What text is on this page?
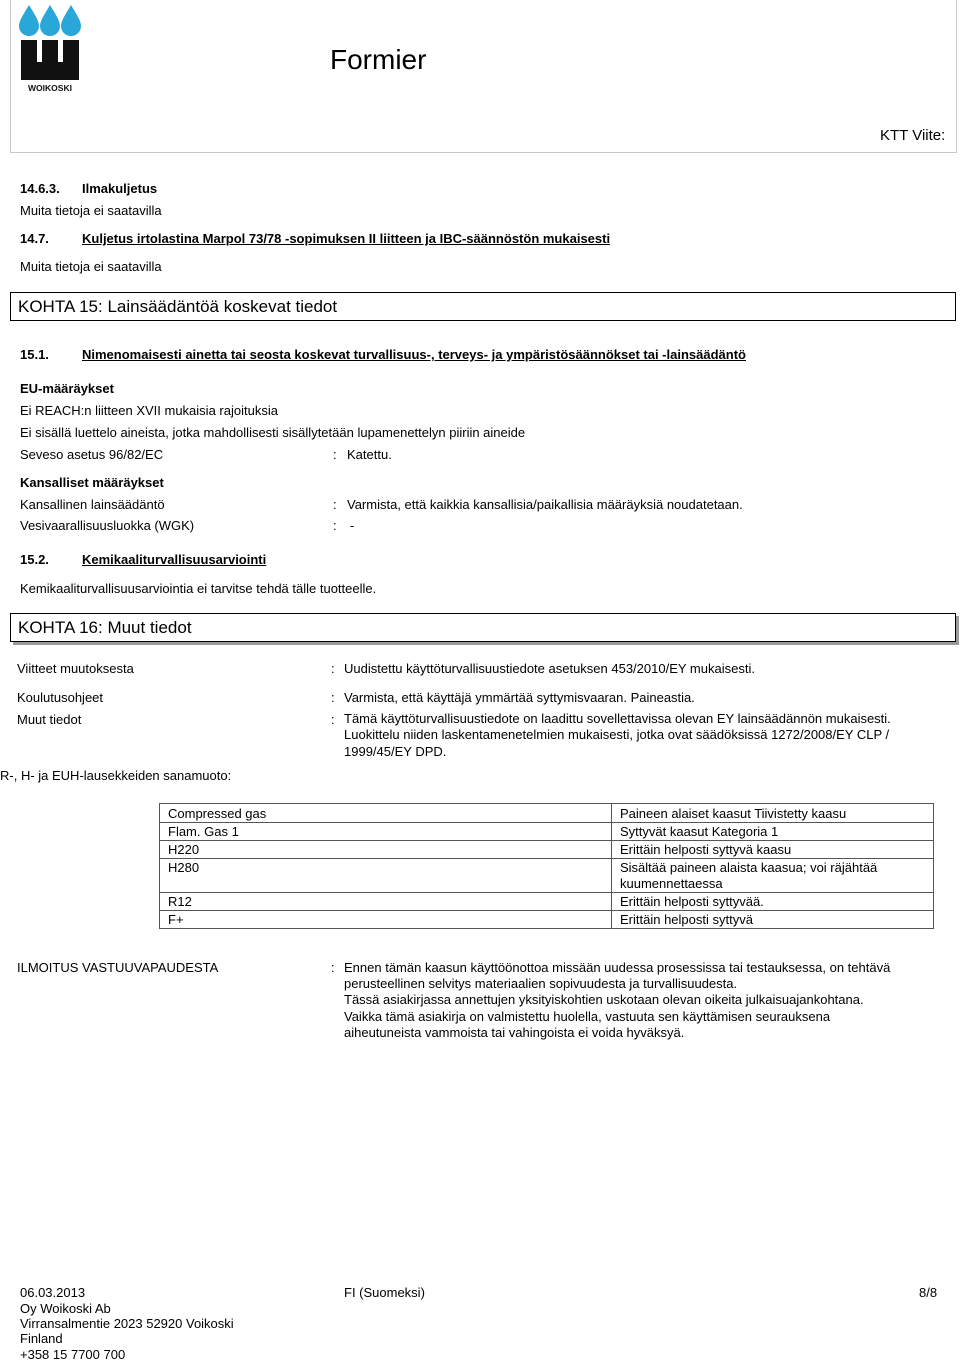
WOIKOSKI
Formier
KTT Viite:
14.6.3. Ilmakuljetus
Muita tietoja ei saatavilla
14.7.	Kuljetus irtolastina Marpol 73/78 -sopimuksen II liitteen ja IBC-säännöstön mukaisesti
Muita tietoja ei saatavilla
KOHTA 15: Lainsäädäntöä koskevat tiedot
15.1.	Nimenomaisesti ainetta tai seosta koskevat turvallisuus-, terveys- ja ympäristösäännökset tai -lainsäädäntö
EU-määräykset
Ei REACH:n liitteen XVII mukaisia rajoituksia
Ei sisällä luettelo aineista, jotka mahdollisesti sisällytetään lupamenettelyn piiriin aineide
Seveso asetus 96/82/EC	: Katettu.
Kansalliset määräykset
Kansallinen lainsäädäntö	: Varmista, että kaikkia kansallisia/paikallisia määräyksiä noudatetaan.
Vesivaarallisuusluokka (WGK)	: -
15.2.	Kemikaaliturvallisuusarviointi
Kemikaaliturvallisuusarviointia ei tarvitse tehdä tälle tuotteelle.
KOHTA 16: Muut tiedot
Viitteet muutoksesta	: Uudistettu käyttöturvallisuustiedote asetuksen 453/2010/EY mukaisesti.
Koulutusohjeet	: Varmista, että käyttäjä ymmärtää syttymisvaaran. Paineastia.
Muut tiedot	: Tämä käyttöturvallisuustiedote on laadittu sovellettavissa olevan EY lainsäädännön mukaisesti.
Luokittelu niiden laskentamenetelmien mukaisesti, jotka ovat säädöksissä 1272/2008/EY CLP /
1999/45/EY DPD.
R-, H- ja EUH-lausekkeiden sanamuoto:
Compressed gas	Paineen alaiset kaasut Tiivistetty kaasu
Flam. Gas 1	Syttyvät kaasut Kategoria 1
H220	Erittäin helposti syttyvä kaasu
H280	Sisältää paineen alaista kaasua; voi räjähtää kuumennettaessa
R12	Erittäin helposti syttyvää.
F+	Erittäin helposti syttyvä
ILMOITUS VASTUUVAPAUDESTA	: Ennen tämän kaasun käyttöönottoa missään uudessa prosessissa tai testauksessa, on tehtävä
perusteellinen selvitys materiaalien sopivuudesta ja turvallisuudesta.
Tässä asiakirjassa annettujen yksityiskohtien uskotaan olevan oikeita julkaisuajankohtana.
Vaikka tämä asiakirja on valmistettu huolella, vastuuta sen käyttämisen seurauksena
aiheutuneista vammoista tai vahingoista ei voida hyväksyä.
06.03.2013	FI (Suomeksi)	8/8
Oy Woikoski Ab
Virransalmentie 2023 52920 Voikoski
Finland
+358 15 7700 700
